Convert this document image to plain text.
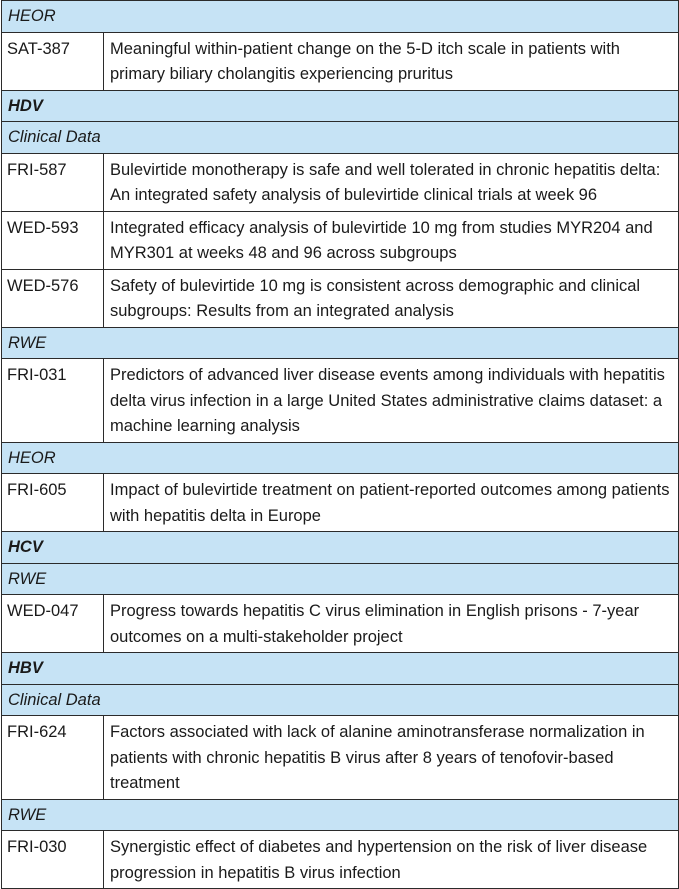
HEOR	
SAT-387	Meaningful within-patient change on the 5-D itch scale in patients with primary biliary cholangitis experiencing pruritus
HDV	
Clinical Data	
FRI-587	Bulevirtide monotherapy is safe and well tolerated in chronic hepatitis delta: An integrated safety analysis of bulevirtide clinical trials at week 96
WED-593	Integrated efficacy analysis of bulevirtide 10 mg from studies MYR204 and MYR301 at weeks 48 and 96 across subgroups
WED-576	Safety of bulevirtide 10 mg is consistent across demographic and clinical subgroups: Results from an integrated analysis
RWE	
FRI-031	Predictors of advanced liver disease events among individuals with hepatitis delta virus infection in a large United States administrative claims dataset: a machine learning analysis
HEOR	
FRI-605	Impact of bulevirtide treatment on patient-reported outcomes among patients with hepatitis delta in Europe
HCV	
RWE	
WED-047	Progress towards hepatitis C virus elimination in English prisons - 7-year outcomes on a multi-stakeholder project
HBV	
Clinical Data	
FRI-624	Factors associated with lack of alanine aminotransferase normalization in patients with chronic hepatitis B virus after 8 years of tenofovir-based treatment
RWE	
FRI-030	Synergistic effect of diabetes and hypertension on the risk of liver disease progression in hepatitis B virus infection
